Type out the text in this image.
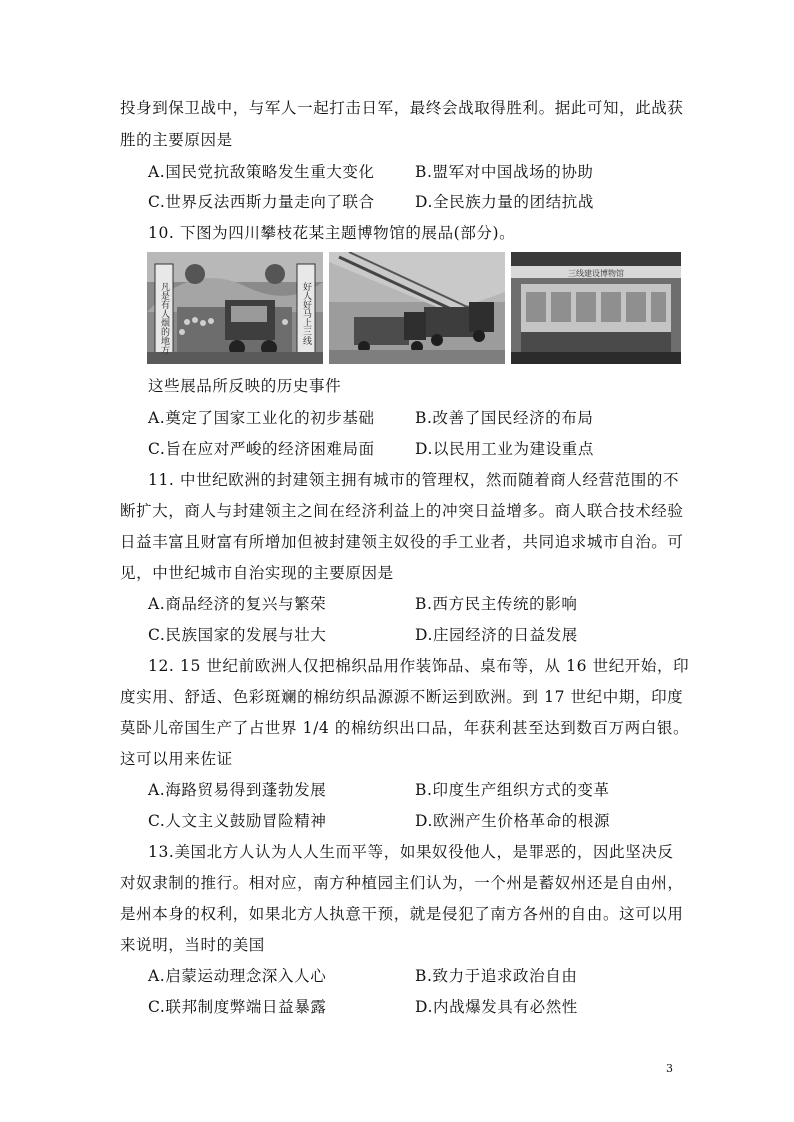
投身到保卫战中，与军人一起打击日军，最终会战取得胜利。据此可知，此战获
胜的主要原因是
A.国民党抗敌策略发生重大变化	B.盟军对中国战场的协助
C.世界反法西斯力量走向了联合	D.全民族力量的团结抗战
10. 下图为四川攀枝花某主题博物馆的展品(部分)。
凡是有人烟的地方	好人好马上三线
三线建设博物馆
这些展品所反映的历史事件
A.奠定了国家工业化的初步基础	B.改善了国民经济的布局
C.旨在应对严峻的经济困难局面	D.以民用工业为建设重点
11. 中世纪欧洲的封建领主拥有城市的管理权，然而随着商人经营范围的不
断扩大，商人与封建领主之间在经济利益上的冲突日益增多。商人联合技术经验
日益丰富且财富有所增加但被封建领主奴役的手工业者，共同追求城市自治。可
见，中世纪城市自治实现的主要原因是
A.商品经济的复兴与繁荣	B.西方民主传统的影响
C.民族国家的发展与壮大	D.庄园经济的日益发展
12. 15 世纪前欧洲人仅把棉织品用作装饰品、桌布等，从 16 世纪开始，印
度实用、舒适、色彩斑斓的棉纺织品源源不断运到欧洲。到 17 世纪中期，印度
莫卧儿帝国生产了占世界 1/4 的棉纺织出口品，年获利甚至达到数百万两白银。
这可以用来佐证
A.海路贸易得到蓬勃发展	B.印度生产组织方式的变革
C.人文主义鼓励冒险精神	D.欧洲产生价格革命的根源
13.美国北方人认为人人生而平等，如果奴役他人，是罪恶的，因此坚决反
对奴隶制的推行。相对应，南方种植园主们认为，一个州是蓄奴州还是自由州，
是州本身的权利，如果北方人执意干预，就是侵犯了南方各州的自由。这可以用
来说明，当时的美国
A.启蒙运动理念深入人心	B.致力于追求政治自由
C.联邦制度弊端日益暴露	D.内战爆发具有必然性
3
